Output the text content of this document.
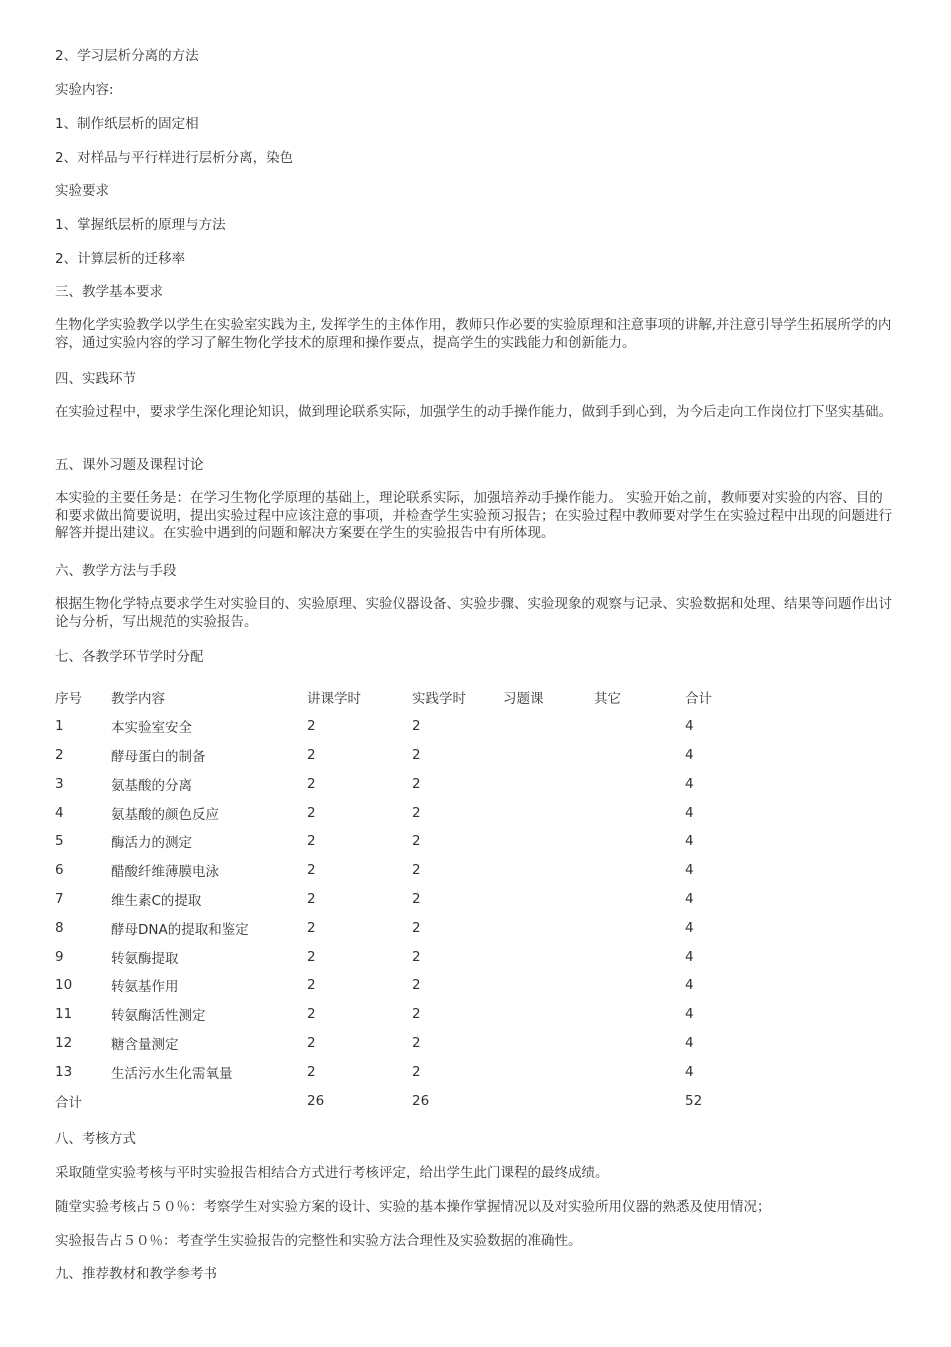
2、学习层析分离的方法
实验内容:
1、制作纸层析的固定相
2、对样品与平行样进行层析分离，染色
实验要求
1、掌握纸层析的原理与方法
2、计算层析的迁移率
三、教学基本要求
生物化学实验教学以学生在实验室实践为主, 发挥学生的主体作用，教师只作必要的实验原理和注意事项的讲解,并注意引导学生拓展所学的内容，通过实验内容的学习了解生物化学技术的原理和操作要点，提高学生的实践能力和创新能力。
四、实践环节
在实验过程中，要求学生深化理论知识，做到理论联系实际，加强学生的动手操作能力，做到手到心到，为今后走向工作岗位打下坚实基础。
五、课外习题及课程讨论
本实验的主要任务是：在学习生物化学原理的基础上，理论联系实际，加强培养动手操作能力。 实验开始之前，教师要对实验的内容、目的和要求做出简要说明，提出实验过程中应该注意的事项，并检查学生实验预习报告；在实验过程中教师要对学生在实验过程中出现的问题进行解答并提出建议。在实验中遇到的问题和解决方案要在学生的实验报告中有所体现。
六、教学方法与手段
根据生物化学特点要求学生对实验目的、实验原理、实验仪器设备、实验步骤、实验现象的观察与记录、实验数据和处理、结果等问题作出讨论与分析，写出规范的实验报告。
七、各教学环节学时分配
八、考核方式
采取随堂实验考核与平时实验报告相结合方式进行考核评定，给出学生此门课程的最终成绩。
随堂实验考核占５０％：考察学生对实验方案的设计、实验的基本操作掌握情况以及对实验所用仪器的熟悉及使用情况；
实验报告占５０％：考查学生实验报告的完整性和实验方法合理性及实验数据的准确性。
九、推荐教材和教学参考书
序号	教学内容	讲课学时	实践学时	习题课	其它	合计
1	本实验室安全	2	2			4
2	酵母蛋白的制备	2	2			4
3	氨基酸的分离	2	2			4
4	氨基酸的颜色反应	2	2			4
5	酶活力的测定	2	2			4
6	醋酸纤维薄膜电泳	2	2			4
7	维生素C的提取	2	2			4
8	酵母DNA的提取和鉴定	2	2			4
9	转氨酶提取	2	2			4
10	转氨基作用	2	2			4
11	转氨酶活性测定	2	2			4
12	糖含量测定	2	2			4
13	生活污水生化需氧量	2	2			4
合计		26	26			52
